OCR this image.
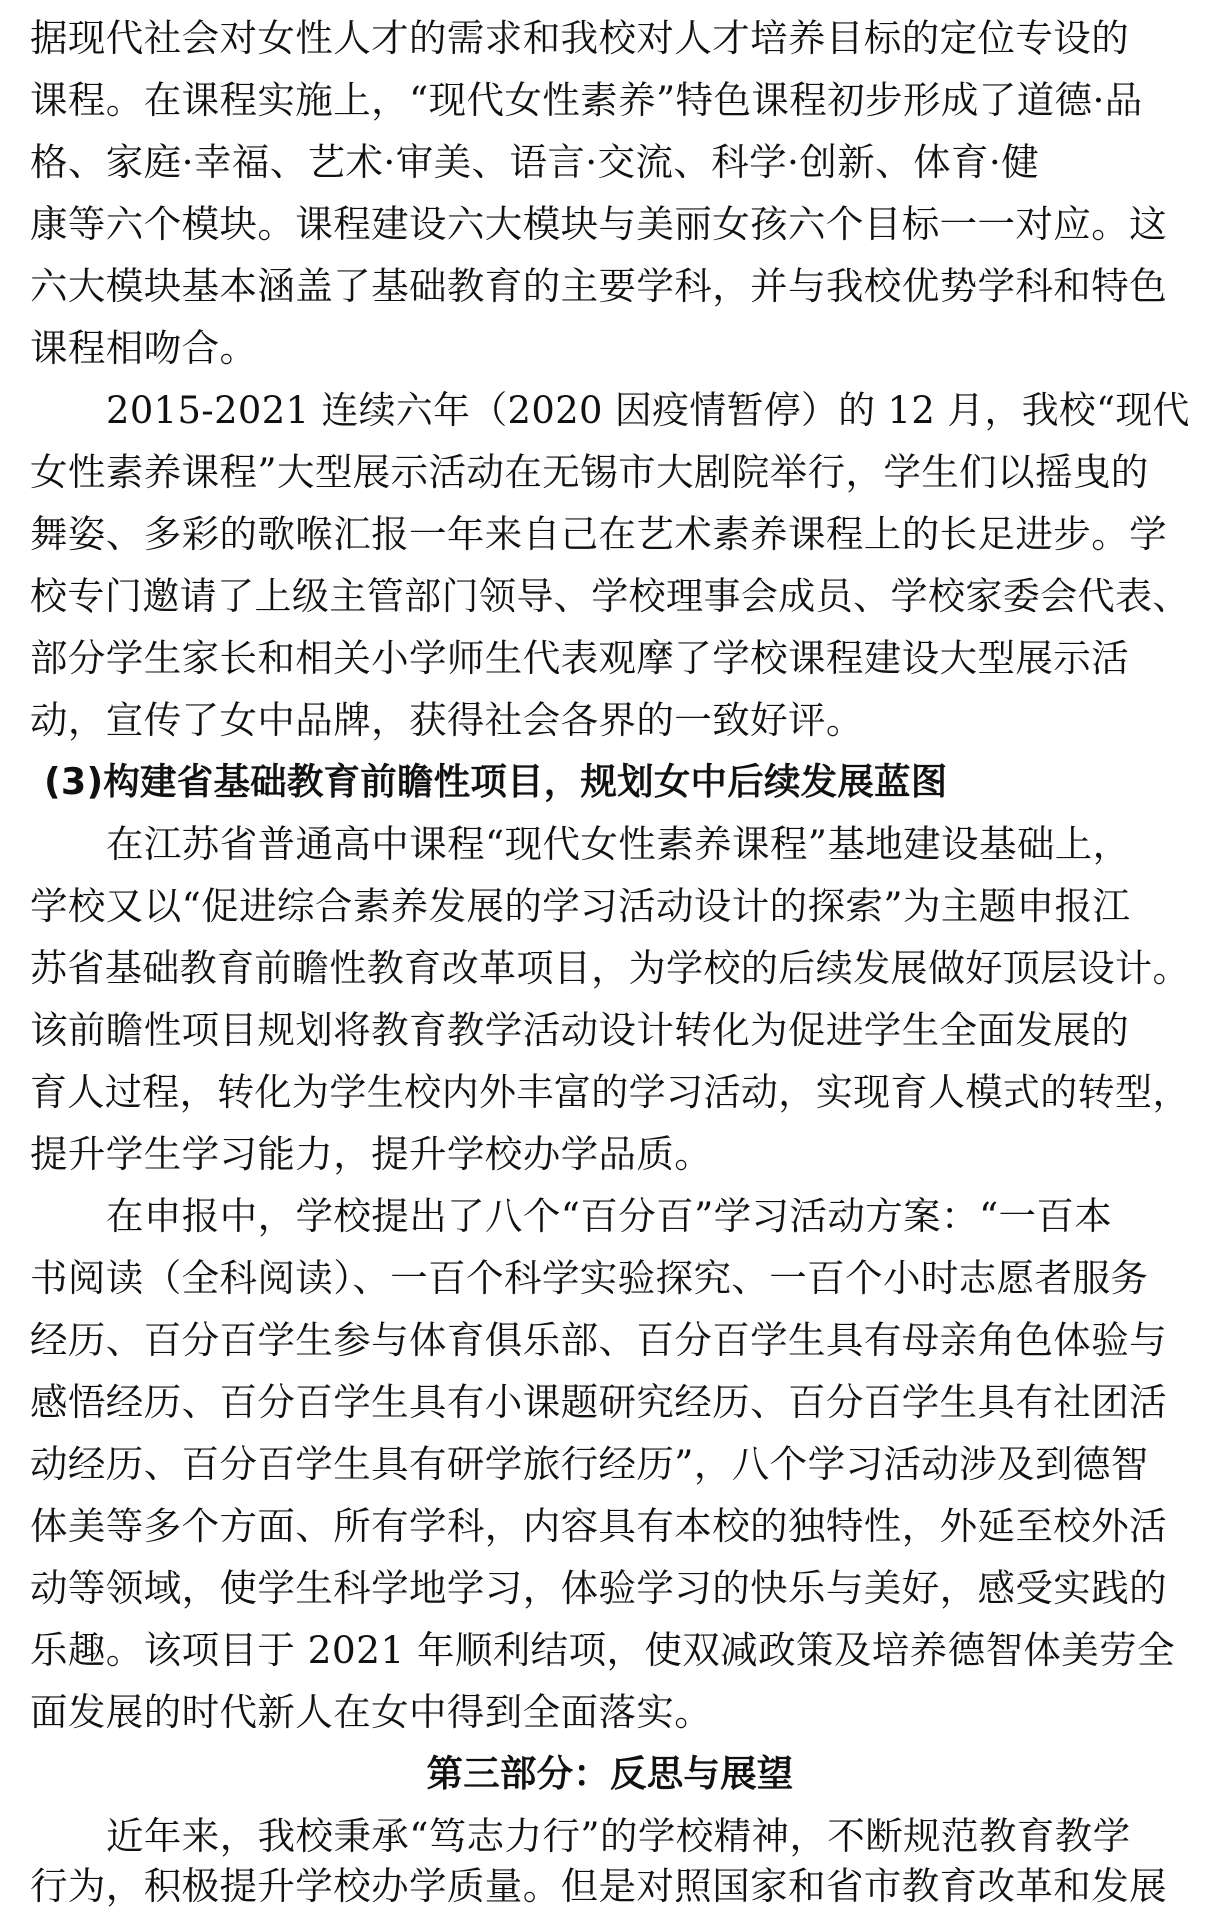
据现代社会对女性人才的需求和我校对人才培养目标的定位专设的
课程。在课程实施上，“现代女性素养”特色课程初步形成了道德·品
格、家庭·幸福、艺术·审美、语言·交流、科学·创新、体育·健
康等六个模块。课程建设六大模块与美丽女孩六个目标一一对应。这
六大模块基本涵盖了基础教育的主要学科，并与我校优势学科和特色
课程相吻合。
2015-2021 连续六年（2020 因疫情暂停）的 12 月，我校“现代
女性素养课程”大型展示活动在无锡市大剧院举行，学生们以摇曳的
舞姿、多彩的歌喉汇报一年来自己在艺术素养课程上的长足进步。学
校专门邀请了上级主管部门领导、学校理事会成员、学校家委会代表、
部分学生家长和相关小学师生代表观摩了学校课程建设大型展示活
动，宣传了女中品牌，获得社会各界的一致好评。
(3)构建省基础教育前瞻性项目，规划女中后续发展蓝图
在江苏省普通高中课程“现代女性素养课程”基地建设基础上，
学校又以“促进综合素养发展的学习活动设计的探索”为主题申报江
苏省基础教育前瞻性教育改革项目，为学校的后续发展做好顶层设计。
该前瞻性项目规划将教育教学活动设计转化为促进学生全面发展的
育人过程，转化为学生校内外丰富的学习活动，实现育人模式的转型，
提升学生学习能力，提升学校办学品质。
在申报中，学校提出了八个“百分百”学习活动方案：“一百本
书阅读（全科阅读）、一百个科学实验探究、一百个小时志愿者服务
经历、百分百学生参与体育俱乐部、百分百学生具有母亲角色体验与
感悟经历、百分百学生具有小课题研究经历、百分百学生具有社团活
动经历、百分百学生具有研学旅行经历”，八个学习活动涉及到德智
体美等多个方面、所有学科，内容具有本校的独特性，外延至校外活
动等领域，使学生科学地学习，体验学习的快乐与美好，感受实践的
乐趣。该项目于 2021 年顺利结项，使双减政策及培养德智体美劳全
面发展的时代新人在女中得到全面落实。
第三部分：反思与展望
近年来，我校秉承“笃志力行”的学校精神，不断规范教育教学
行为，积极提升学校办学质量。但是对照国家和省市教育改革和发展
